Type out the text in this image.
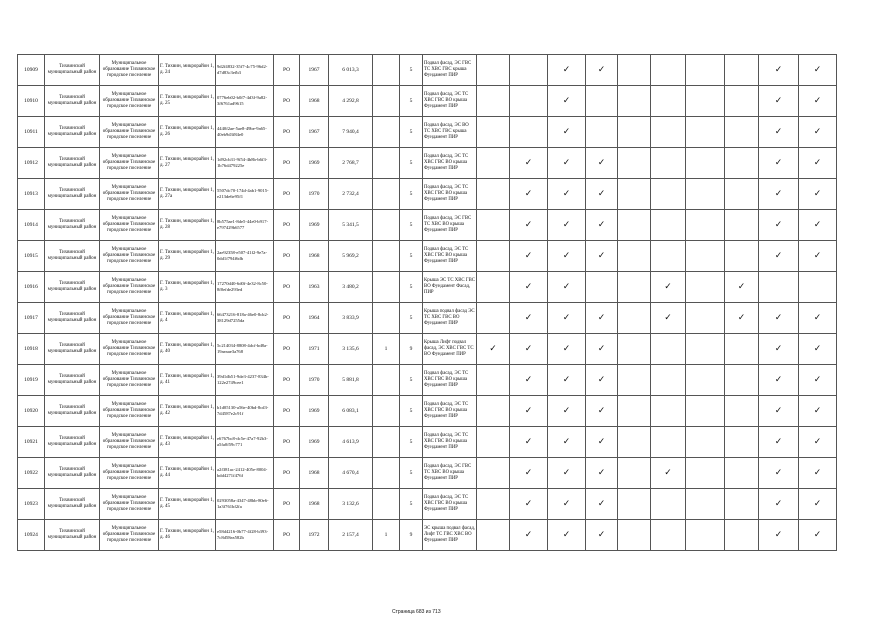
10909	Тихвинский муниципальный район	Муниципальное образование Тихвинское городское поселение	Г. Тихвин, микрорайон 1, д. 24	9d2f4832-35f7-4c75-96d2-d7d83c3efb3	РО	1967	6 013,3		5	Подвал фасад, ЭС ГВС ТС ХВС ГВС крыша Фундамент ПИР			✓	✓					✓	✓
10910	Тихвинский муниципальный район	Муниципальное образование Тихвинское городское поселение	Г. Тихвин, микрорайон 1, д. 25	0776eb02-b0f7-4d3f-9a82-3f6761ad9615	РО	1968	4 292,8		5	Подвал фасад, ЭС ТС ХВС ГВС ВО крыша Фундамент ПИР			✓						✓	✓
10911	Тихвинский муниципальный район	Муниципальное образование Тихвинское городское поселение	Г. Тихвин, микрорайон 1, д. 26	4440f2ae-5ae8-49be-9a65-40eb9d3f84e0	РО	1967	7 940,4		5	Подвал фасад, ЭС ВО ТС ХВС ГВС крыша Фундамент ПИР			✓						✓	✓
10912	Тихвинский муниципальный район	Муниципальное образование Тихвинское городское поселение	Г. Тихвин, микрорайон 1, д. 27	1d92cb31-9f54-4b8b-b6f3-1b76d479225e	РО	1969	2 768,7		5	Подвал фасад, ЭС ТС ХВС ГВС ВО крыша Фундамент ПИР		✓	✓	✓					✓	✓
10913	Тихвинский муниципальный район	Муниципальное образование Тихвинское городское поселение	Г. Тихвин, микрорайон 1, д. 27а	5507dc70-174d-4ab1-9015-e213de6e95f1	РО	1970	2 732,4		5	Подвал фасад, ЭС ТС ХВС ГВС ВО крыша Фундамент ПИР		✓	✓	✓					✓	✓
10914	Тихвинский муниципальный район	Муниципальное образование Тихвинское городское поселение	Г. Тихвин, микрорайон 1, д. 28	8b575ae1-8de5-44e0-b917-e797429b6577	РО	1969	5 341,5		5	Подвал фасад, ЭС ГВС ТС ХВС ВО крыша Фундамент ПИР		✓	✓	✓					✓	✓
10915	Тихвинский муниципальный район	Муниципальное образование Тихвинское городское поселение	Г. Тихвин, микрорайон 1, д. 29	2ae92358-e507-41f2-9e7a-0dd1f794f6db	РО	1968	5 969,2		5	Подвал фасад, ЭС ТС ХВС ГВС ВО крыша Фундамент ПИР		✓	✓	✓					✓	✓
10916	Тихвинский муниципальный район	Муниципальное образование Тихвинское городское поселение	Г. Тихвин, микрорайон 1, д. 3	17270d40-6d0f-4e32-8c50-8f0efde293ed	РО	1963	3 480,2		5	Крыша ЭС ТС ХВС ГВС ВО Фундамент Фасад, ПИР		✓	✓			✓		✓		
10917	Тихвинский муниципальный район	Муниципальное образование Тихвинское городское поселение	Г. Тихвин, микрорайон 1, д. 4	66473216-818a-46e0-8cb2-38129d7255da	РО	1964	3 833,9		5	Крыша подвал фасад ЭС ТС ХВС ГВС ВО Фундамент ПИР		✓	✓	✓		✓		✓	✓	✓
10918	Тихвинский муниципальный район	Муниципальное образование Тихвинское городское поселение	Г. Тихвин, микрорайон 1, д. 40	5c214034-8808-4dcf-bd8a-19aeaae3a768	РО	1971	3 135,6	1	9	Крыша Лифт подвал фасад, ЭС ХВС ГВС ТС ВО Фундамент ПИР	✓	✓	✓	✓					✓	✓
10919	Тихвинский муниципальный район	Муниципальное образование Тихвинское городское поселение	Г. Тихвин, микрорайон 1, д. 41	39d1db51-9de3-4237-834b-122e2749cee1	РО	1970	5 881,8		5	Подвал фасад, ЭС ТС ХВС ГВС ВО крыша Фундамент ПИР		✓	✓	✓					✓	✓
10920	Тихвинский муниципальный район	Муниципальное образование Тихвинское городское поселение	Г. Тихвин, микрорайон 1, д. 42	b1d05130-a56e-40bd-8cd3-7d4587e2c91f	РО	1969	6 083,1		5	Подвал фасад, ЭС ТС ХВС ГВС ВО крыша Фундамент ПИР		✓	✓	✓					✓	✓
10921	Тихвинский муниципальный район	Муниципальное образование Тихвинское городское поселение	Г. Тихвин, микрорайон 1, д. 43	e6767bc8-dc5e-47a7-92b3-a5fa0f59c771	РО	1969	4 613,9		5	Подвал фасад, ЭС ТС ХВС ГВС ВО крыша Фундамент ПИР		✓	✓	✓					✓	✓
10922	Тихвинский муниципальный район	Муниципальное образование Тихвинское городское поселение	Г. Тихвин, микрорайон 1, д. 44	a2f381ac-2412-405e-8004-bdd4271f476f	РО	1968	4 670,4		5	Подвал фасад, ЭС ГВС ТС ХВС ВО крыша Фундамент ПИР		✓	✓	✓		✓			✓	✓
10923	Тихвинский муниципальный район	Муниципальное образование Тихвинское городское поселение	Г. Тихвин, микрорайон 1, д. 45	0293058a-4347-48bb-80e6-1a3f761bf2fa	РО	1968	3 132,6		5	Подвал фасад, ЭС ТС ХВС ГВС ВО крыша Фундамент ПИР		✓	✓	✓					✓	✓
10924	Тихвинский муниципальный район	Муниципальное образование Тихвинское городское поселение	Г. Тихвин, микрорайон 1, д. 46	e58d4216-0b77-4f28-b393-7c8d58ea582b	РО	1972	2 157,4	1	9	ЭС крыша подвал фасад, Лифт ТС ГВС ХВС ВО Фундамент ПИР		✓	✓	✓					✓	✓
Страница 683 из 713
